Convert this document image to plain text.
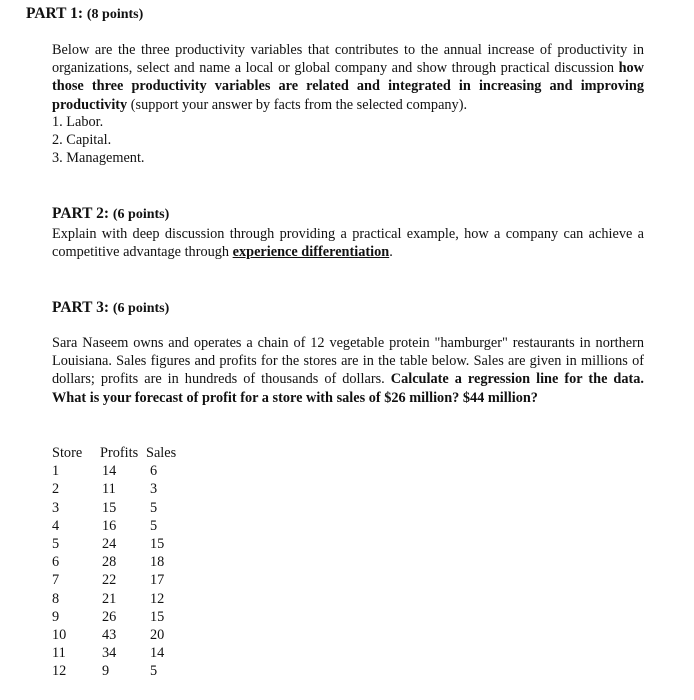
PART 1: (8 points)

Below are the three productivity variables that contributes to the annual increase of productivity in organizations, select and name a local or global company and show through practical discussion how those three productivity variables are related and integrated in increasing and improving productivity (support your answer by facts from the selected company).

1. Labor.
2. Capital.
3. Management.
PART 2: (6 points)

Explain with deep discussion through providing a practical example, how a company can achieve a competitive advantage through experience differentiation.

PART 3: (6 points)

Sara Naseem owns and operates a chain of 12 vegetable protein "hamburger" restaurants in northern Louisiana. Sales figures and profits for the stores are in the table below. Sales are given in millions of dollars; profits are in hundreds of thousands of dollars. Calculate a regression line for the data. What is your forecast of profit for a store with sales of $26 million? $44 million?

Store	Profits	Sales
1	14	6
2	11	3
3	15	5
4	16	5
5	24	15
6	28	18
7	22	17
8	21	12
9	26	15
10	43	20
11	34	14
12	9	5
